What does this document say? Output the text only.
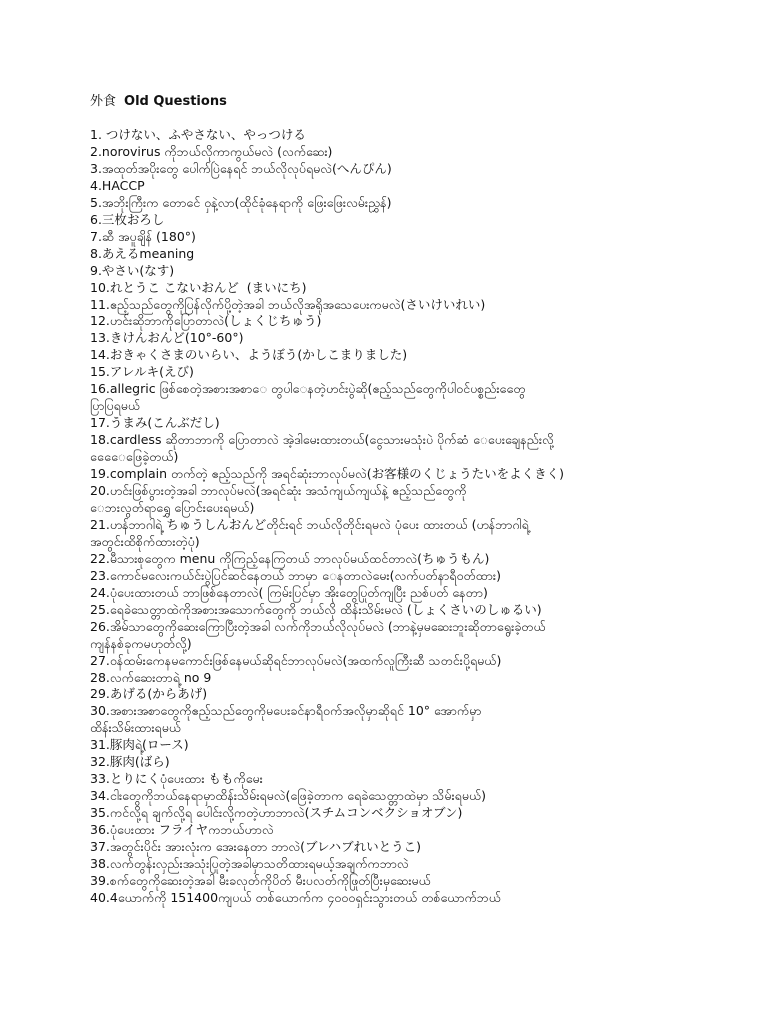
外食 Old Questions
1. つけない、ふやさない、やっつける
2.norovirus ကိုဘယ်လိုကာကွယ်မလဲ (လက်ဆေး)
3.အထုတ်အပိုးတွေ ပေါက်ပြဲနေရင် ဘယ်လိုလုပ်ရမလဲ(へんぴん)
4.HACCP
5.အဘိုးကြီးက တောင်ေ ၀ှနဲ့လာ(ထိုင်ခုံနေရာကို ဖြေးဖြေးလမ်းညွှန်)
6.三枚おろし
7.ဆီ အပူချိန် (180°)
8.あえるmeaning
9.やさい(なす)
10.れとうこ こないおんど  (まいにち)
11.ဧည့်သည်တွေကိုပြန်လိုက်ပို့တဲ့အခါ ဘယ်လိုအရိုအသေပေးကမလဲ(さいけいれい)
12.ဟင်းဆိုဘာကိုပြောတာလဲ(しょくじちゅう)
13.きけんおんど(10°-60°)
14.おきゃくさまのいらい、ようぼう(かしこまりました)
15.アレルキ(えび)
16.allegric ဖြစ်စေတဲ့အစားအစာေ တွပါေနတဲ့ဟင်းပွဲဆို(ဧည့်သည်တွေကိုပါဝင်ပစ္စည်းတွေေ
ပြာပြရမယ်
17.うまみ(こんぶだし)
18.cardless ဆိုတာဘာကို ပြောတာလဲ အဲ့ဒါမေးထားတယ်(ငွေသားမသုံးပဲ ပိုက်ဆံ ေပေးချေနည်းလို့
ေေေေဖြေခဲ့တယ်)
19.complain တက်တဲ့ ဧည့်သည်ကို အရင်ဆုံးဘာလုပ်မလဲ(お客様のくじょうたいをよくきく)
20.ဟင်းဖြစ်ပွားတဲ့အခါ ဘာလုပ်မလဲ(အရင်ဆုံး အသံကျယ်ကျယ်နဲ့ ဧည့်သည်တွေကို
ေဘးလွတ်ရာရွှေ ပြောင်းပေးရမယ်)
21.ဟန်ဘာဂါရဲ့ ちゅうしんおんどတိုင်းရင် ဘယ်လိုတိုင်းရမလဲ ပုံပေး ထားတယ် (ဟန်ဘာဂါရဲ့
အတွင်းထိစိုက်ထားတဲ့ပုံ)
22.မီသားစုတွေက menu ကိုကြည့်နေကြတယ် ဘာလုပ်မယ်ထင်တာလဲ(ちゅうもん)
23.ကောင်မလေးကယ်င်းပွဲပြင်ဆင်နေတယ် ဘာမှာ ေနတာလဲမေး(လက်ပတ်နာရီဝတ်ထား)
24.ပုံပေးထားတယ် ဘာဖြစ်နေတာလဲ( ကြမ်းပြင်မှာ အိုးတွေပြုတ်ကျပြီး ညစ်ပတ် နေတာ)
25.ရေခဲသေတ္တာထဲကိုအစားအသောက်တွေကို ဘယ်လို ထိန်းသိမ်းမလဲ (しょくさいのしゅるい)
26.အိမ်သာတွေကိုဆေးကြောပြီးတဲ့အခါ လက်ကိုဘယ်လိုလုပ်မလဲ (ဘာနဲ့မှမဆေးဘူးဆိုတာရွေးခဲ့တယ်
ကျန်နစ်ခုကမဟုတ်လို့)
27.ဝန်ထမ်းကေနမကောင်းဖြစ်နေမယ်ဆိုရင်ဘာလုပ်မလဲ(အထက်လူကြီးဆီ သတင်းပို့ရမယ်)
28.လက်ဆေးတာရဲ့ no 9
29.あげる(からあげ)
30.အစားအစာတွေကိုဧည့်သည်တွေကိုမပေးခင်နာရီဝက်အလိုမှာဆိုရင် 10° အောက်မှာ
ထိန်းသိမ်းထားရမယ်
31.豚肉ရဲ့(ロース)
32.豚肉(ばら)
33.とりにくပုံပေးထား ももကိုမေး
34.ငါးတွေကိုဘယ်နေရာမှာထိန်းသိမ်းရမလဲ(ဖြေခဲ့တာက ရေခဲသေတ္တာထဲမှာ သိမ်းရမယ်)
35.ကင်လို့ရ ချက်လို့ရ ပေါင်းလို့ကတဲ့ဟာဘာလဲ(スチムコンベクショオブン)
36.ပုံပေးထား フライヤကဘယ်ဟာလဲ
37.အတွင်းပိုင်း အားလုံးက အေးနေတာ ဘာလဲ(ブレハブれいとうこ)
38.လက်တွန်းလှည်းအသုံးပြုတဲ့အခါမှာသတိထားရမယ့်အချက်ကဘာလဲ
39.စက်တွေကိုဆေးတဲ့အခါ မီးခလုတ်ကိုပိတ် မီးပလတ်ကိုဖြုတ်ပြီးမှဆေးမယ်
40.4ယောက်ကို 151400ကျပယ် တစ်ယောက်က ၄၀၀၀ရှင်းသွားတယ် တစ်ယောက်ဘယ်
